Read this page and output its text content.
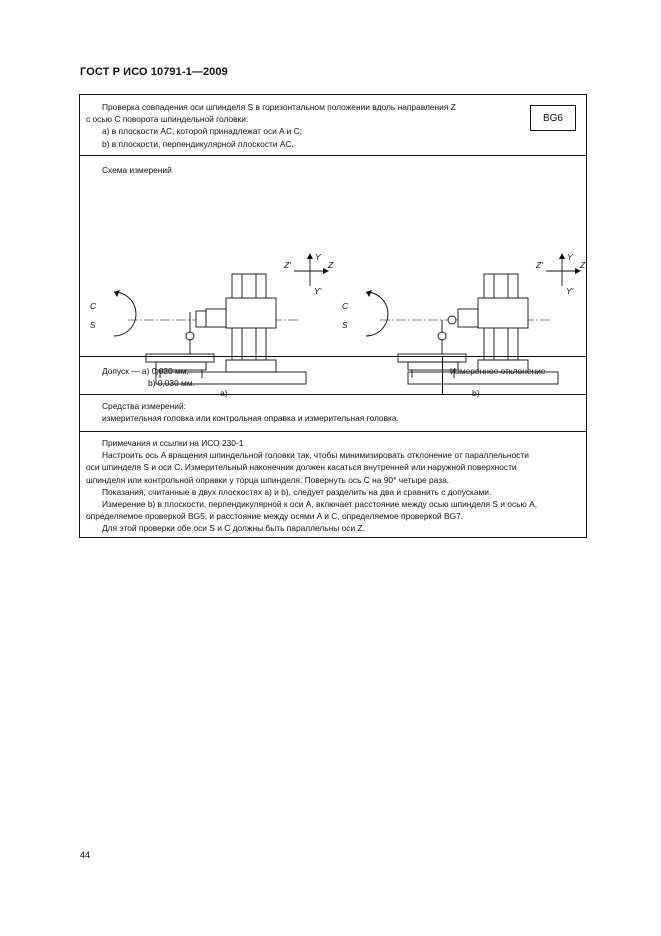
ГОСТ Р ИСО 10791-1—2009
Проверка совпадения оси шпинделя S в горизонтальном положении вдоль направления Z
с осью C поворота шпиндельной головки:
а) в плоскости AC, которой принадлежат оси A и C;
b) в плоскости, перпендикулярной плоскости AC.
BG6
Схема измерений
C
S
Y
Y'
Z
Z'
a)
C
S
Y
Y'
Z
Z'
b)
Допуск — а) 0,020 мм,
b) 0,030 мм.
Измеренное отклонение
Средства измерений:
измерительная головка или контрольная оправка и измерительная головка.
Примечания и ссылки на ИСО 230-1
Настроить ось A вращения шпиндельной головки так, чтобы минимизировать отклонение от параллельности
оси шпинделя S и оси C. Измерительный наконечник должен касаться внутренней или наружной поверхности
шпинделя или контрольной оправки у торца шпинделя. Повернуть ось C на 90° четыре раза.
Показания, считанные в двух плоскостях а) и b), следует разделить на два и сравнить с допусками.
Измерение b) в плоскости, перпендикулярной к оси A, включает расстояние между осью шпинделя S и осью A,
определяемое проверкой BG5, и расстояние между осями A и C, определяемое проверкой BG7.
Для этой проверки обе оси S и C должны быть параллельны оси Z.
44
